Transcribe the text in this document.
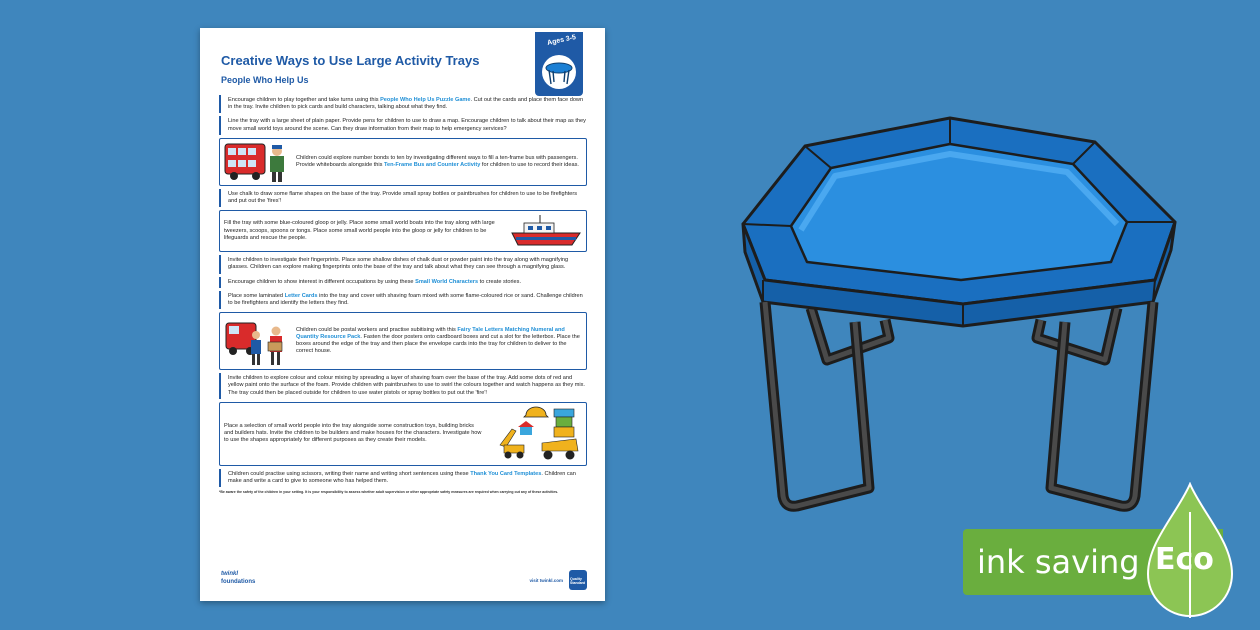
Creative Ways to Use Large Activity Trays
People Who Help Us
Ages 3-5

Encourage children to play together and take turns using this People Who Help Us Puzzle Game. Cut out the cards and place them face down in the tray. Invite children to pick cards and build characters, talking about what they find.

Line the tray with a large sheet of plain paper. Provide pens for children to use to draw a map. Encourage children to talk about their map as they move small world toys around the scene. Can they draw information from their map to help emergency services?

Children could explore number bonds to ten by investigating different ways to fill a ten-frame bus with passengers. Provide whiteboards alongside this Ten-Frame Bus and Counter Activity for children to use to record their ideas.

Use chalk to draw some flame shapes on the base of the tray. Provide small spray bottles or paintbrushes for children to use to be firefighters and put out the 'fires'!

Fill the tray with some blue-coloured gloop or jelly. Place some small world boats into the tray along with large tweezers, scoops, spoons or tongs. Place some small world people into the gloop or jelly for children to be lifeguards and rescue the people.

Invite children to investigate their fingerprints. Place some shallow dishes of chalk dust or powder paint into the tray along with magnifying glasses. Children can explore making fingerprints onto the base of the tray and talk about what they can see through a magnifying glass.

Encourage children to show interest in different occupations by using these Small World Characters to create stories.

Place some laminated Letter Cards into the tray and cover with shaving foam mixed with some flame-coloured rice or sand. Challenge children to be firefighters and identify the letters they find.

Children could be postal workers and practise subitising with this Fairy Tale Letters Matching Numeral and Quantity Resource Pack. Fasten the door posters onto cardboard boxes and cut a slot for the letterbox. Place the boxes around the edge of the tray and then place the envelope cards into the tray for children to deliver to the correct house.

Invite children to explore colour and colour mixing by spreading a layer of shaving foam over the base of the tray. Add some dots of red and yellow paint onto the surface of the foam. Provide children with paintbrushes to use to swirl the colours together and watch happens as they mix. The tray could then be placed outside for children to use water pistols or spray bottles to put out the 'fire'!

Place a selection of small world people into the tray alongside some construction toys, building bricks and builders hats. Invite the children to be builders and make houses for the characters. Investigate how to use the shapes appropriately for different purposes as they create their models.

Children could practise using scissors, writing their name and writing short sentences using these Thank You Card Templates. Children can make and write a card to give to someone who has helped them.

*Be aware the safety of the children in your setting. It is your responsibility to assess whether adult supervision or other appropriate safety measures are required when carrying out any of these activities.

twinkl
foundations	visit twinkl.com Quality Standard
ink saving Eco
